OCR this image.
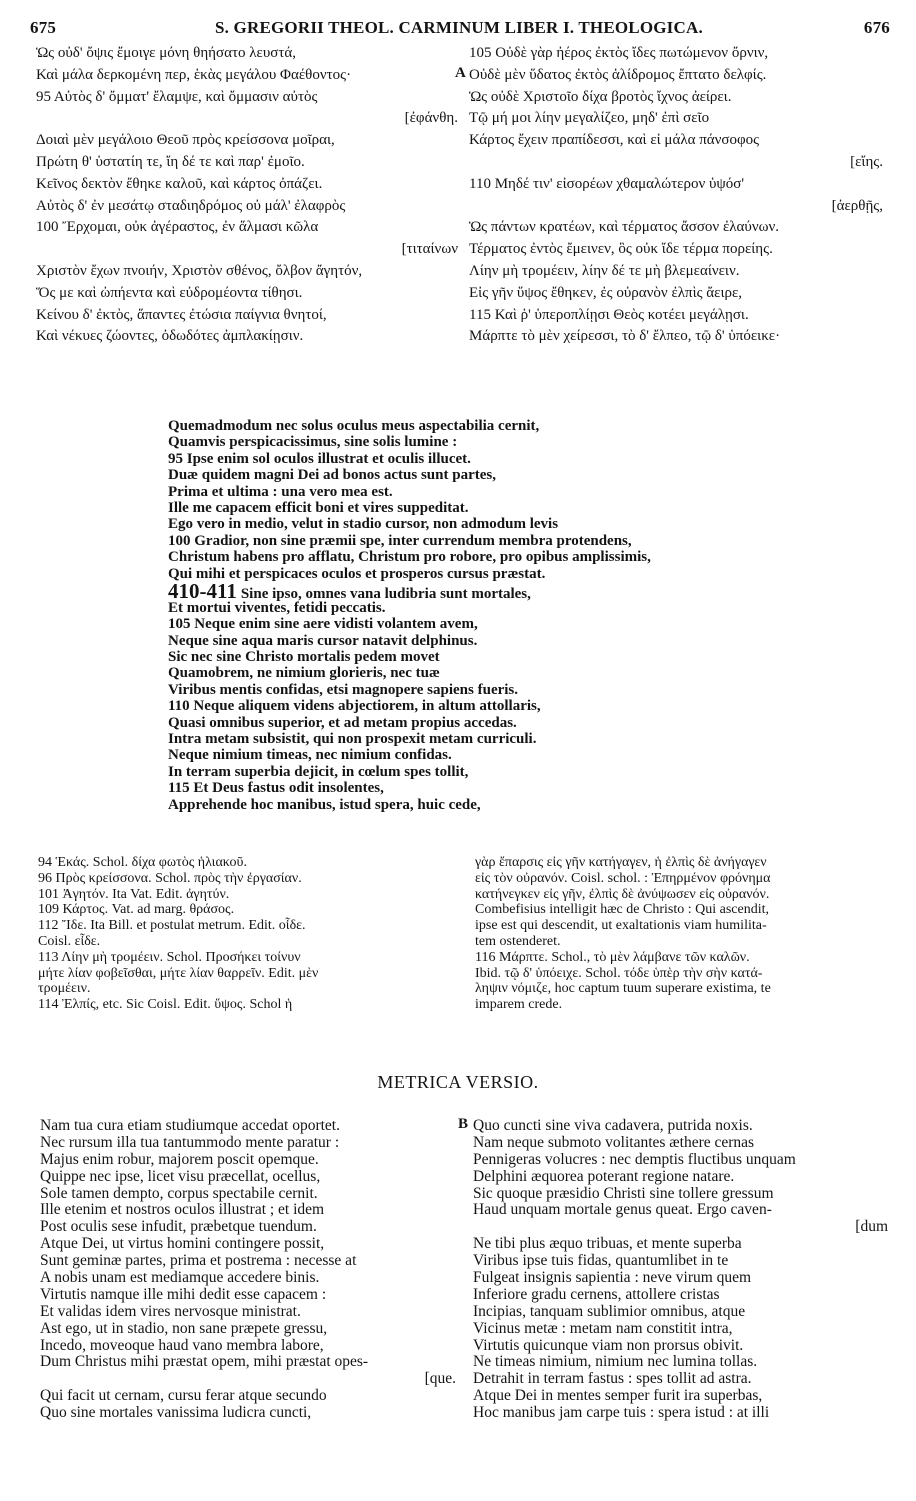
675	S. GREGORII THEOL. CARMINUM LIBER I. THEOLOGICA.	676
Ὡς οὐδ' ὄψις ἔμοιγε μόνη θηήσατο λευστά,
Καὶ μάλα δερκομένη περ, ἑκὰς μεγάλου Φαέθοντος·
95 Αὐτὸς δ' ὄμματ' ἔλαμψε, καὶ ὄμμασιν αὐτὸς
[ἐφάνθη.
Δοιαὶ μὲν μεγάλοιο Θεοῦ πρὸς κρείσσονα μοῖραι,
Πρώτη θ' ὑστατίη τε, ἴη δέ τε καὶ παρ' ἐμοῖο.
Κεῖνος δεκτὸν ἔθηκε καλοῦ, καὶ κάρτος ὀπάζει.
Αὐτὸς δ' ἐν μεσάτῳ σταδιηδρόμος οὐ μάλ' ἐλαφρὸς
100 Ἔρχομαι, οὐκ ἀγέραστος, ἐν ἅλμασι κῶλα
[τιταίνων
Χριστὸν ἔχων πνοιήν, Χριστὸν σθένος, ὄλβον ἄγητόν,
Ὅς με καὶ ὠπήεντα καὶ εὐδρομέοντα τίθησι.
Κείνου δ' ἐκτὸς, ἅπαντες ἐτώσια παίγνια θνητοί,
Καὶ νέκυες ζώοντες, ὀδωδότες ἀμπλακίῃσιν.
A
105 Οὐδὲ γὰρ ἠέρος ἐκτὸς ἴδες πωτώμενον ὄρνιν,
Οὐδὲ μὲν ὕδατος ἐκτὸς ἁλίδρομος ἔπτατο δελφίς.
Ὡς οὐδὲ Χριστοῖο δίχα βροτὸς ἴχνος ἀείρει.
Τῷ μή μοι λίην μεγαλίζεο, μηδ' ἐπὶ σεῖο
Κάρτος ἔχειν πραπίδεσσι, καὶ εἰ μάλα πάνσοφος
[εἴης.
110 Μηδέ τιν' εἰσορέων χθαμαλώτερον ὑψόσ'
[ἀερθῇς,
Ὡς πάντων κρατέων, καὶ τέρματος ἄσσον ἐλαύνων.
Τέρματος ἐντὸς ἔμεινεν, ὃς οὐκ ἴδε τέρμα πορείης.
Λίην μὴ τρομέειν, λίην δέ τε μὴ βλεμεαίνειν.
Εἰς γῆν ὕψος ἔθηκεν, ἐς οὐρανὸν ἐλπὶς ἄειρε,
115 Καὶ ῥ' ὑπεροπλίῃσι Θεὸς κοτέει μεγάλῃσι.
Μάρπτε τὸ μὲν χείρεσσι, τὸ δ' ἔλπεο, τῷ δ' ὑπόεικε·
Quemadmodum nec solus oculus meus aspectabilia cernit,
Quamvis perspicacissimus, sine solis lumine :
95 Ipse enim sol oculos illustrat et oculis illucet.
Duæ quidem magni Dei ad bonos actus sunt partes,
Prima et ultima : una vero mea est.
Ille me capacem efficit boni et vires suppeditat.
Ego vero in medio, velut in stadio cursor, non admodum levis
100 Gradior, non sine præmii spe, inter currendum membra protendens,
Christum habens pro afflatu, Christum pro robore, pro opibus amplissimis,
Qui mihi et perspicaces oculos et prosperos cursus præstat.
410-411 Sine ipso, omnes vana ludibria sunt mortales,
Et mortui viventes, fetidi peccatis.
105 Neque enim sine aere vidisti volantem avem,
Neque sine aqua maris cursor natavit delphinus.
Sic nec sine Christo mortalis pedem movet
Quamobrem, ne nimium glorieris, nec tuæ
Viribus mentis confidas, etsi magnopere sapiens fueris.
110 Neque aliquem videns abjectiorem, in altum attollaris,
Quasi omnibus superior, et ad metam propius accedas.
Intra metam subsistit, qui non prospexit metam curriculi.
Neque nimium timeas, nec nimium confidas.
In terram superbia dejicit, in cœlum spes tollit,
115 Et Deus fastus odit insolentes,
Apprehende hoc manibus, istud spera, huic cede,
94 Ἑκάς. Schol. δίχα φωτὸς ἡλιακοῦ.
96 Πρὸς κρείσσονα. Schol. πρὸς τὴν ἐργασίαν.
101 Ἀγητόν. Ita Vat. Edit. ἀγητύν.
109 Κάρτος. Vat. ad marg. θράσος.
112 Ἴδε. Ita Bill. et postulat metrum. Edit. οἶδε.
Coisl. εἶδε.
113 Λίην μὴ τρομέειν. Schol. Προσήκει τοίνυν
μήτε λίαν φοβεῖσθαι, μήτε λίαν θαρρεῖν. Edit. μὲν
τρομέειν.
114 Ἐλπίς, etc. Sic Coisl. Edit. ὕψος. Schol ἡ
γὰρ ἔπαρσις εἰς γῆν κατήγαγεν, ἡ ἐλπὶς δὲ ἀνήγαγεν
εἰς τὸν οὐρανόν. Coisl. schol. : Ἐπηρμένον φρόνημα
κατήνεγκεν εἰς γῆν, ἐλπὶς δὲ ἀνύψωσεν εἰς οὐρανόν.
Combefisius intelligit hæc de Christo : Qui ascendit,
ipse est qui descendit, ut exaltationis viam humilita-
tem ostenderet.
116 Μάρπτε. Schol., τὸ μὲν λάμβανε τῶν καλῶν.
Ibid. τῷ δ' ὑπόειχε. Schol. τόδε ὑπὲρ τὴν σὴν κατά-
ληψιν νόμιζε, hoc captum tuum superare existima, te
imparem crede.
METRICA VERSIO.
Nam tua cura etiam studiumque accedat oportet.
Nec rursum illa tua tantummodo mente paratur :
Majus enim robur, majorem poscit opemque.
Quippe nec ipse, licet visu præcellat, ocellus,
Sole tamen dempto, corpus spectabile cernit.
Ille etenim et nostros oculos illustrat ; et idem
Post oculis sese infudit, præbetque tuendum.
Atque Dei, ut virtus homini contingere possit,
Sunt geminæ partes, prima et postrema : necesse at
A nobis unam est mediamque accedere binis.
Virtutis namque ille mihi dedit esse capacem :
Et validas idem vires nervosque ministrat.
Ast ego, ut in stadio, non sane præpete gressu,
Incedo, moveoque haud vano membra labore,
Dum Christus mihi præstat opem, mihi præstat opes-
[que.
Qui facit ut cernam, cursu ferar atque secundo
Quo sine mortales vanissima ludicra cuncti,
B Quo cuncti sine viva cadavera, putrida noxis.
Nam neque submoto volitantes æthere cernas
Pennigeras volucres : nec demptis fluctibus unquam
Delphini æquorea poterant regione natare.
Sic quoque præsidio Christi sine tollere gressum
Haud unquam mortale genus queat. Ergo caven-
[dum
Ne tibi plus æquo tribuas, et mente superba
Viribus ipse tuis fidas, quantumlibet in te
Fulgeat insignis sapientia : neve virum quem
Inferiore gradu cernens, attollere cristas
Incipias, tanquam sublimior omnibus, atque
Vicinus metæ : metam nam constitit intra,
Virtutis quicunque viam non prorsus obivit.
Ne timeas nimium, nimium nec lumina tollas.
Detrahit in terram fastus : spes tollit ad astra.
Atque Dei in mentes semper furit ira superbas,
Hoc manibus jam carpe tuis : spera istud : at illi
